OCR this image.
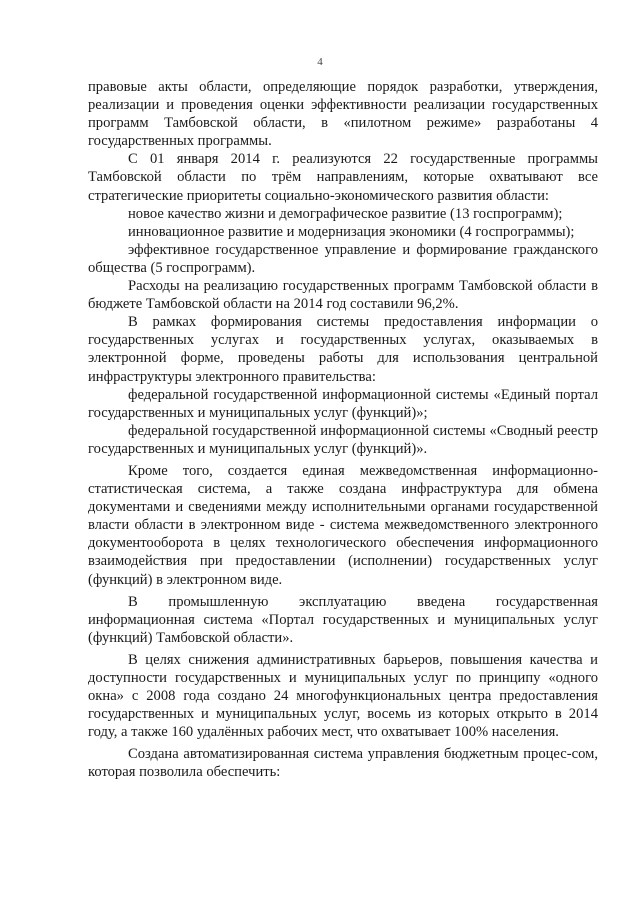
4

правовые акты области, определяющие порядок разработки, утверждения, реализации и проведения оценки эффективности реализации государственных программ Тамбовской области, в «пилотном режиме» разработаны 4 государственных программы.

С 01 января 2014 г. реализуются 22 государственные программы Тамбовской области по трём направлениям, которые охватывают все стратегические приоритеты социально-экономического развития области:

новое качество жизни и демографическое развитие (13 госпрограмм);

инновационное развитие и модернизация экономики (4 госпрограммы);

эффективное государственное управление и формирование гражданского общества (5 госпрограмм).

Расходы на реализацию государственных программ Тамбовской области в бюджете Тамбовской области на 2014 год составили 96,2%.

В рамках формирования системы предоставления информации о государственных услугах и государственных услугах, оказываемых в электронной форме, проведены работы для использования центральной инфраструктуры электронного правительства:

федеральной государственной информационной системы «Единый портал государственных и муниципальных услуг (функций)»;

федеральной государственной информационной системы «Сводный реестр государственных и муниципальных услуг (функций)».

Кроме того, создается единая межведомственная информационно-статистическая система, а также создана инфраструктура для обмена документами и сведениями между исполнительными органами государственной власти области в электронном виде - система межведомственного электронного документооборота в целях технологического обеспечения информационного взаимодействия при предоставлении (исполнении) государственных услуг (функций) в электронном виде.

В промышленную эксплуатацию введена государственная информационная система «Портал государственных и муниципальных услуг (функций) Тамбовской области».

В целях снижения административных барьеров, повышения качества и доступности государственных и муниципальных услуг по принципу «одного окна» с 2008 года создано 24 многофункциональных центра предоставления государственных и муниципальных услуг, восемь из которых открыто в 2014 году, а также 160 удалённых рабочих мест, что охватывает 100% населения.

Создана автоматизированная система управления бюджетным процес-сом, которая позволила обеспечить:
